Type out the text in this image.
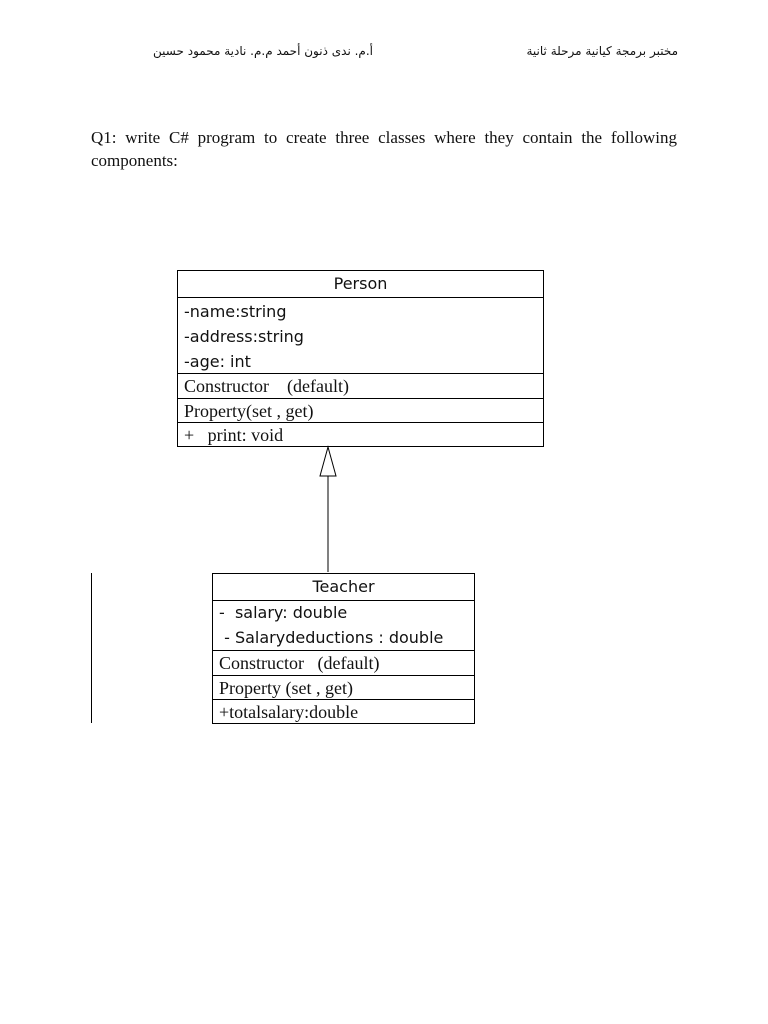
مختبر برمجة كيانية مرحلة ثانية
أ.م. ندى ذنون أحمد م.م. نادية محمود حسين
Q1: write C# program to create three classes where they contain the following components:
Person
-name:string
-address:string
-age: int
Constructor    (default)
Property(set , get)
+   print: void
Teacher
-  salary: double
- Salarydeductions : double
Constructor   (default)
Property (set , get)
+totalsalary:double
